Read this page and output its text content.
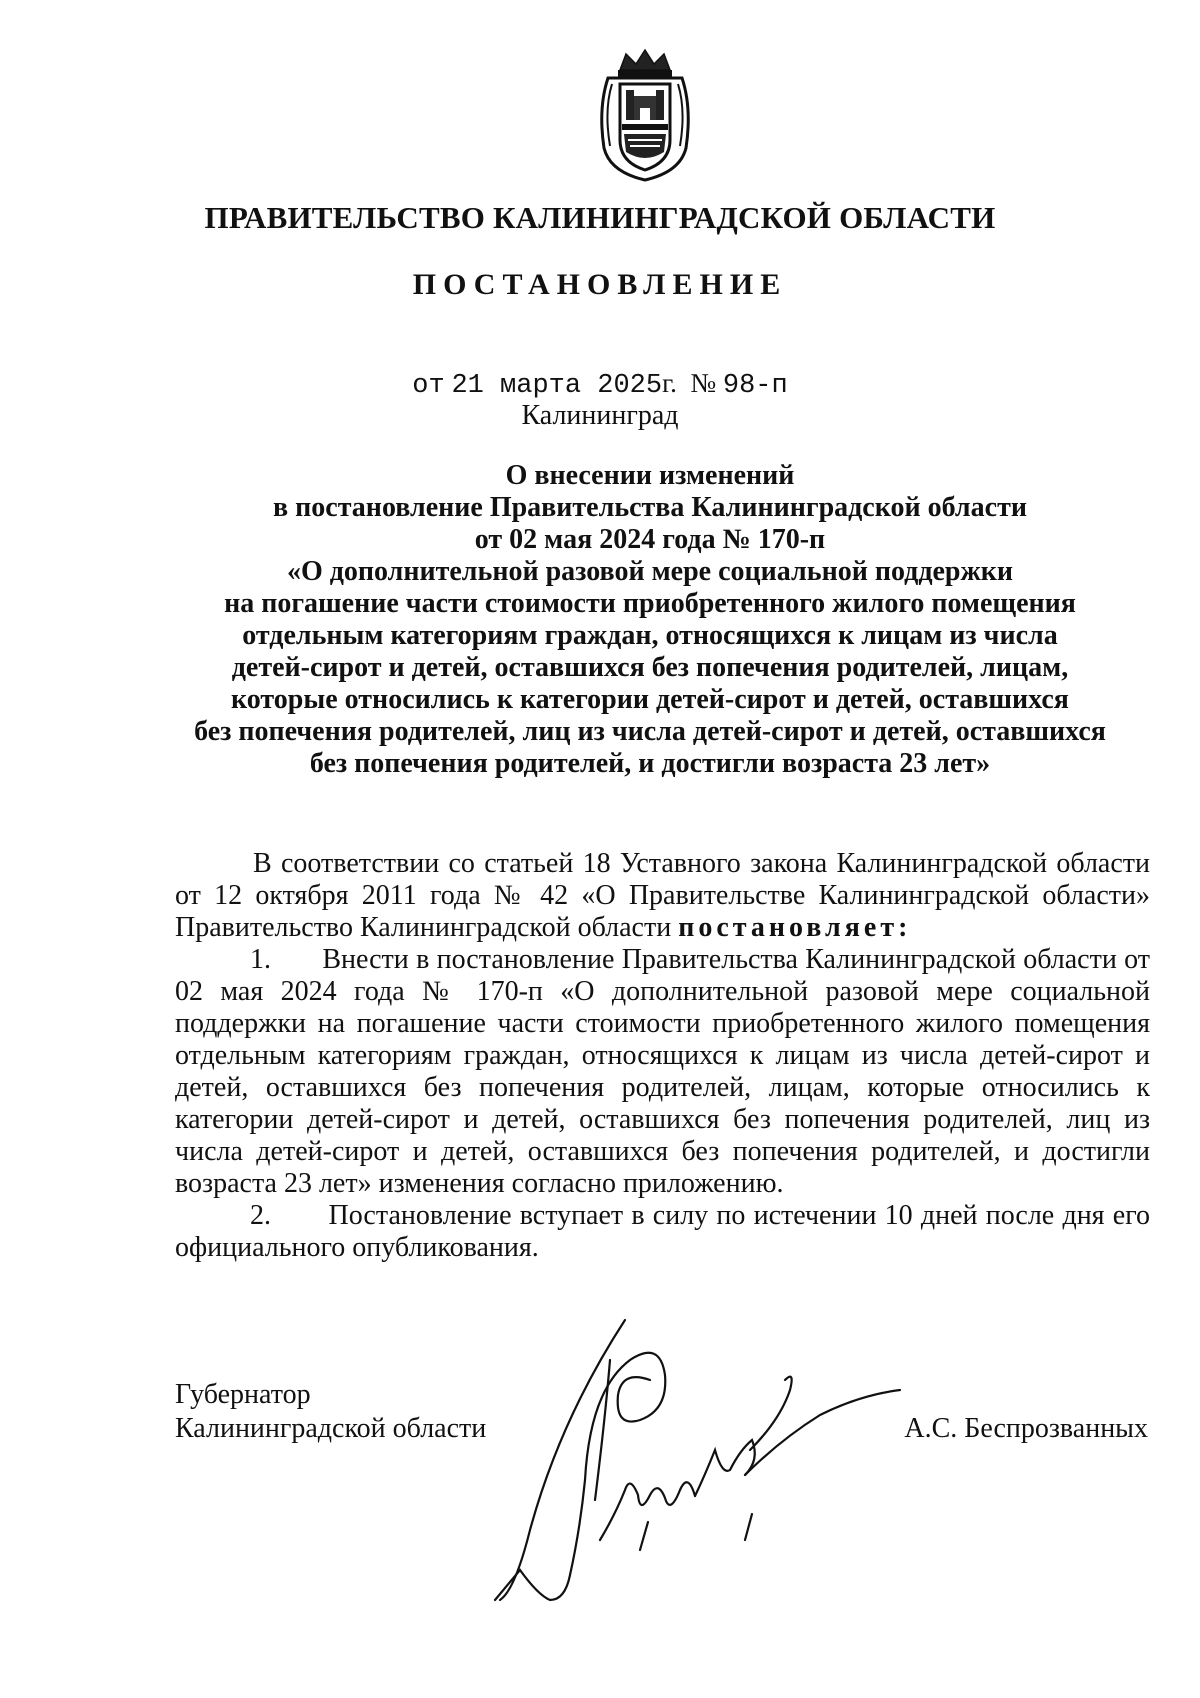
ПРАВИТЕЛЬСТВО КАЛИНИНГРАДСКОЙ ОБЛАСТИ
ПОСТАНОВЛЕНИЕ
от 21 марта 2025г. № 98-п
Калининград
О внесении изменений
в постановление Правительства Калининградской области
от 02 мая 2024 года № 170-п
«О дополнительной разовой мере социальной поддержки
на погашение части стоимости приобретенного жилого помещения
отдельным категориям граждан, относящихся к лицам из числа
детей-сирот и детей, оставшихся без попечения родителей, лицам,
которые относились к категории детей-сирот и детей, оставшихся
без попечения родителей, лиц из числа детей-сирот и детей, оставшихся
без попечения родителей, и достигли возраста 23 лет»

В соответствии со статьей 18 Уставного закона Калининградской области от 12 октября 2011 года № 42 «О Правительстве Калининградской области» Правительство Калининградской области постановляет:

1. Внести в постановление Правительства Калининградской области от 02 мая 2024 года № 170-п «О дополнительной разовой мере социальной поддержки на погашение части стоимости приобретенного жилого помещения отдельным категориям граждан, относящихся к лицам из числа детей-сирот и детей, оставшихся без попечения родителей, лицам, которые относились к категории детей-сирот и детей, оставшихся без попечения родителей, лиц из числа детей-сирот и детей, оставшихся без попечения родителей, и достигли возраста 23 лет» изменения согласно приложению.

2. Постановление вступает в силу по истечении 10 дней после дня его официального опубликования.

Губернатор
Калининградской области	А.С. Беспрозванных
